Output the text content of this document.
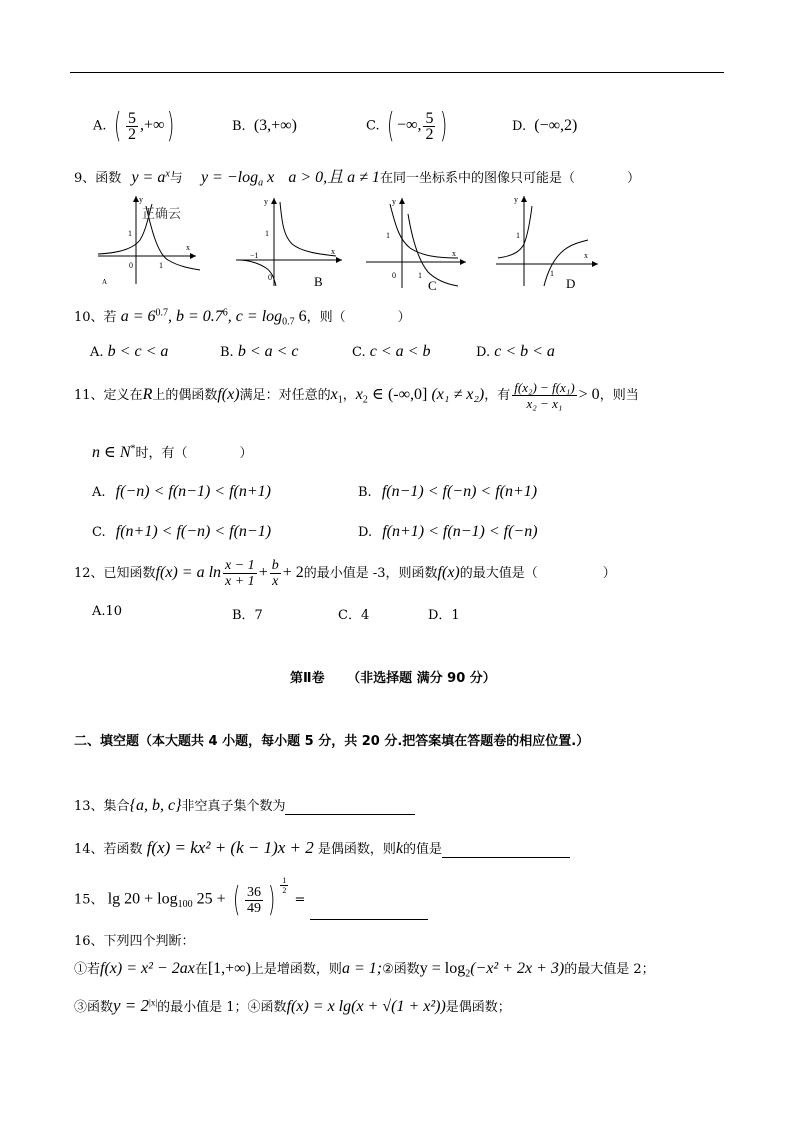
A. ( $\frac{5}{2}$ ,+∞)	B. (3,+∞)	C. ( −∞, $\frac{5}{2}$ )	D. (−∞,2)
9、函数 $y = a^x$与 $y = -\log_a$ x a > 0,且 a ≠ 1在同一坐标系中的图像只可能是（　　　　）
y
x
1
0	1
A
正确云
y
x
1
−1
0	B
y
x
1
0	1
C
y
x
1
1
D
10、若 $a = 6^{0.7}$, $b = 0.7^6$, $c = \log_{0.7} 6$，则（　　　　）
A. b < c < a	B. b < a < c	C. c < a < b	D. c < b < a
11、定义在R上的偶函数f(x)满足：对任意的$x_1$，$x_2$ ∈ (-∞,0] (x₁ ≠ x₂)，有 $\frac{\text{f(x₂) − f(x₁)}}{\text{x₂ − x₁}} > 0$，则当
n ∈ N*时，有（　　　　）
A. f(−n) < f(n−1) < f(n+1)	B. f(n−1) < f(−n) < f(n+1)
C. f(n+1) < f(−n) < f(n−1)	D. f(n+1) < f(n−1) < f(−n)
12、已知函数f(x) = a $\ln \frac{x - 1}{x + 1} + \frac{b}{x} + 2$的最小值是 -3，则函数f(x)的最大值是（　　　　　）
A.10	B．7	C．4	D．1
第Ⅱ卷 （非选择题 满分 90 分）
二、填空题（本大题共 4 小题，每小题 5 分，共 20 分.把答案填在答题卷的相应位置.）
13、集合{a, b, c}非空真子集个数为
14、若函数 f(x) = kx² + (k − 1)x + 2 是偶函数，则k的值是
15、 $\lg 20 + \log_{100} 25$ + ( $\frac{36}{49}$ ) $\frac{1}{2}$
=
16、下列四个判断：
①若f(x) = x² − 2ax在[1,+∞)上是增函数，则a = 1;②函数$y = \log_2(-x^2 + 2x + 3)$的最大值是 2；
③函数$y = 2^{|x|}$的最小值是 1；④函数f(x) = x lg(x + √(1 + x²))是偶函数；
